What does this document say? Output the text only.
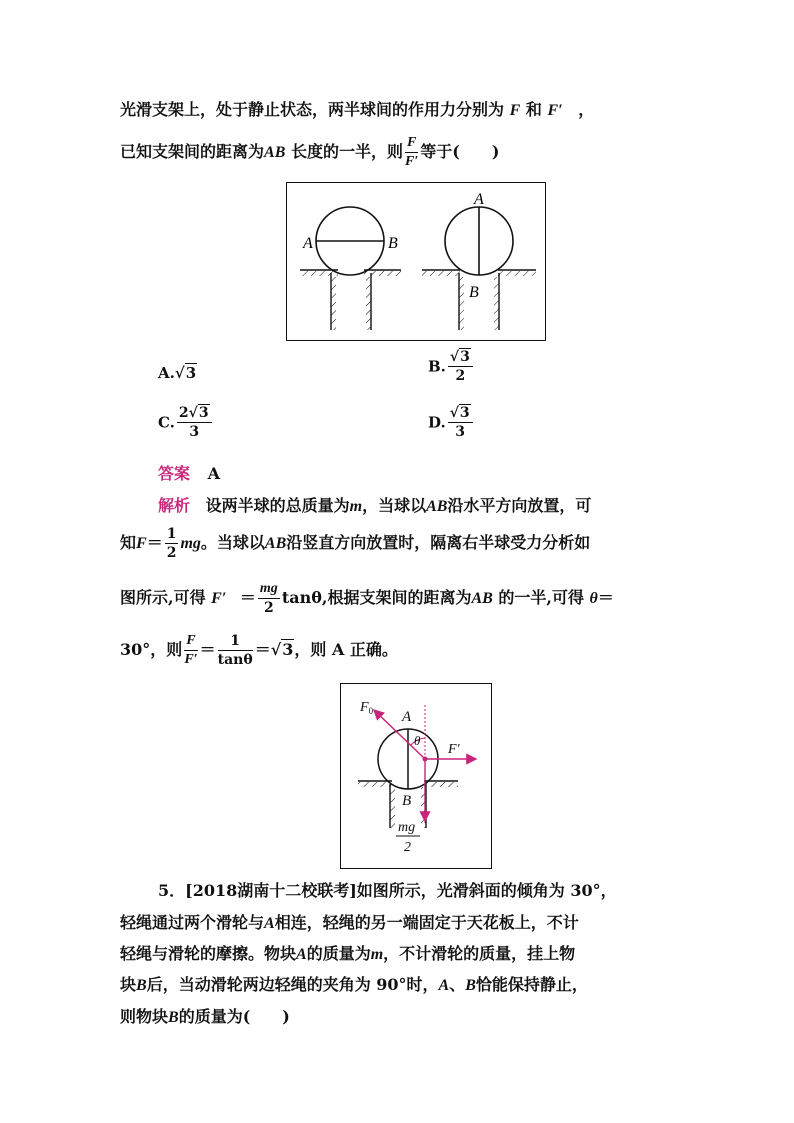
光滑支架上，处于静止状态，两半球间的作用力分别为 F 和 F′ ，
已知支架间的距离为AB 长度的一半，则 $\frac{F}{F'}$ 等于(　　)
A	B
A
B
A.√3	B. $\frac{√3}{2}$
C. $\frac{2√3}{3}$	D. $\frac{√3}{3}$
答案 A
解析 设两半球的总质量为m，当球以AB沿水平方向放置，可
知$F= \frac{1}{2}$ mg。当球以AB沿竖直方向放置时，隔离右半球受力分析如
图所示,可得 $F' = \frac{mg}{2} \tan\theta$,根据支架间的距离为AB 的一半,可得 θ＝
30°，则 $\frac{F}{F'} = \frac{1}{\tan\theta} =√3$，则 A 正确。
$F_0$ A
θ
F′
B
mg
2
5．[2018湖南十二校联考]如图所示，光滑斜面的倾角为 30°，
轻绳通过两个滑轮与A相连，轻绳的另一端固定于天花板上，不计
轻绳与滑轮的摩擦。物块A的质量为m，不计滑轮的质量，挂上物
块B后，当动滑轮两边轻绳的夹角为 90°时，A、B恰能保持静止，
则物块B的质量为(　　)
